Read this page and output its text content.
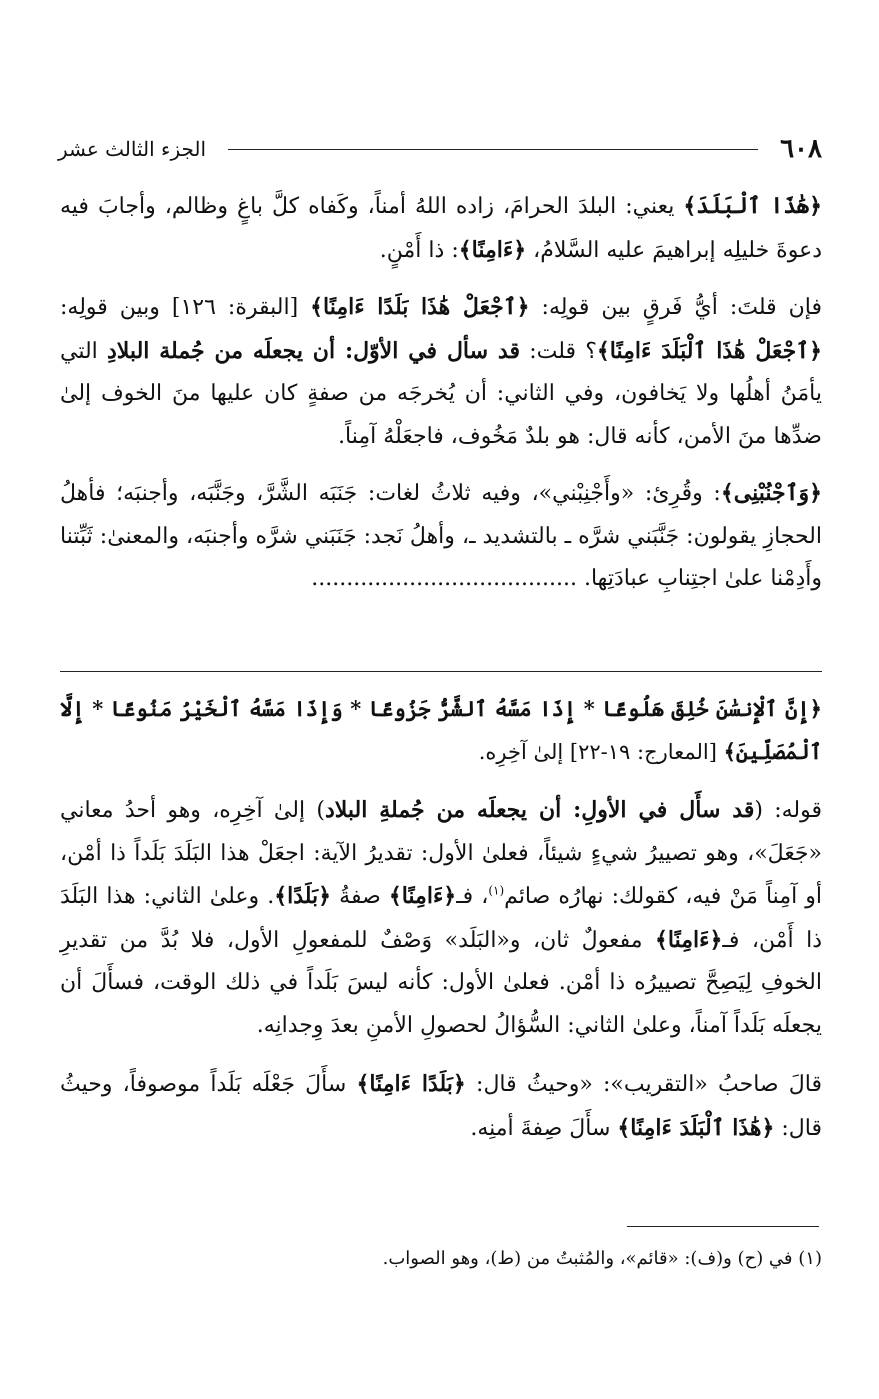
٦٠٨
الجزء الثالث عشر

﴿هَٰذَا ٱلْبَلَدَ﴾ يعني: البلدَ الحرامَ، زاده اللهُ أمناً، وكَفاه كلَّ باغٍ وظالم، وأجابَ فيه دعوةَ خليلِه إبراهيمَ عليه السَّلامُ، ﴿ءَامِنًا﴾: ذا أَمْنٍ.

فإن قلتَ: أيُّ فَرقٍ بين قولِه: ﴿ٱجْعَلْ هَٰذَا بَلَدًا ءَامِنًا﴾ [البقرة: ١٢٦] وبين قولِه: ﴿ٱجْعَلْ هَٰذَا ٱلْبَلَدَ ءَامِنًا﴾؟ قلت: قد سأل في الأوّل: أن يجعلَه من جُملة البلادِ التي يأمَنُ أهلُها ولا يَخافون، وفي الثاني: أن يُخرجَه من صفةٍ كان عليها منَ الخوف إلىٰ ضدِّها منَ الأمن، كأنه قال: هو بلدٌ مَخُوف، فاجعَلْهُ آمِناً.

﴿وَٱجْنُبْنِى﴾: وقُرِئ: «وأَجْنِبْني»، وفيه ثلاثُ لغات: جَنَبَه الشَّرَّ، وجَنَّبَه، وأجنبَه؛ فأهلُ الحجازِ يقولون: جَنَّبَني شرَّه ـ بالتشديد ـ، وأهلُ نَجد: جَنَبَني شرَّه وأجنبَه، والمعنىٰ: ثَبِّتنا وأَدِمْنا علىٰ اجتِنابِ عبادَتِها. ......................................

﴿إِنَّ ٱلْإِنسَٰنَ خُلِقَ هَلُوعًا * إِذَا مَسَّهُ ٱلشَّرُّ جَزُوعًا * وَإِذَا مَسَّهُ ٱلْخَيْرُ مَنُوعًا * إِلَّا ٱلْمُصَلِّينَ﴾ [المعارج: ١٩-٢٢] إلىٰ آخِرِه.

قوله: (قد سأَل في الأولِ: أن يجعلَه من جُملةِ البلاد) إلىٰ آخِرِه، وهو أحدُ معاني «جَعَلَ»، وهو تصييرُ شيءٍ شيئاً، فعلىٰ الأول: تقديرُ الآية: اجعَلْ هذا البَلَدَ بَلَداً ذا أمْن، أو آمِناً مَنْ فيه، كقولك: نهارُه صائم$^{(١)}$، فـ﴿ءَامِنًا﴾ صفةُ ﴿بَلَدًا﴾. وعلىٰ الثاني: هذا البَلَدَ ذا أَمْن، فـ﴿ءَامِنًا﴾ مفعولٌ ثان، و«البَلَد» وَصْفٌ للمفعولِ الأول، فلا بُدَّ من تقديرِ الخوفِ لِيَصِحَّ تصييرُه ذا أمْن. فعلىٰ الأول: كأنه ليسَ بَلَداً في ذلك الوقت، فسأَلَ أن يجعلَه بَلَداً آمناً، وعلىٰ الثاني: السُّؤالُ لحصولِ الأمنِ بعدَ وِجدانِه.

قالَ صاحبُ «التقريب»: «وحيثُ قال: ﴿بَلَدًا ءَامِنًا﴾ سأَلَ جَعْلَه بَلَداً موصوفاً، وحيثُ قال: ﴿هَٰذَا ٱلْبَلَدَ ءَامِنًا﴾ سأَلَ صِفةَ أمنِه.

(١) في (ح) و(ف): «قائم»، والمُثبتُ من (ط)، وهو الصواب.
